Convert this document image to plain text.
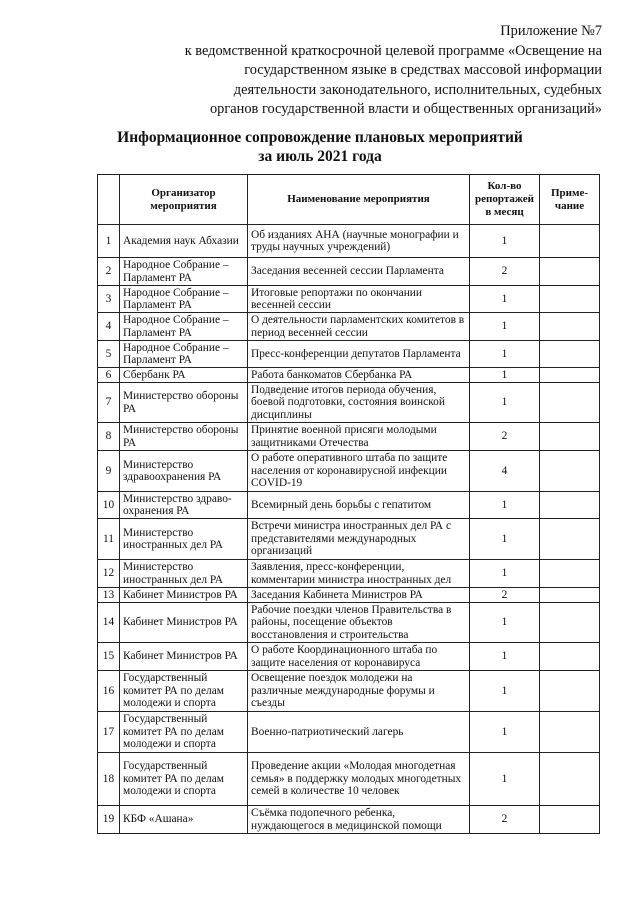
Приложение №7
к ведомственной краткосрочной целевой программе «Освещение на
государственном языке в средствах массовой информации
деятельности законодательного, исполнительных, судебных
органов государственной власти и общественных организаций»
Информационное сопровождение плановых мероприятий
за июль 2021 года
	Организатор мероприятия	Наименование мероприятия	Кол-во репортажей в месяц	Приме-чание
1	Академия наук Абхазии	Об изданиях АНА (научные монографии и труды научных учреждений)	1	
2	Народное Собрание – Парламент РА	Заседания весенней сессии Парламента	2	
3	Народное Собрание – Парламент РА	Итоговые репортажи по окончании весенней сессии	1	
4	Народное Собрание – Парламент РА	О деятельности парламентских комитетов в период весенней сессии	1	
5	Народное Собрание – Парламент РА	Пресс-конференции депутатов Парламента	1	
6	Сбербанк РА	Работа банкоматов Сбербанка РА	1	
7	Министерство обороны РА	Подведение итогов периода обучения, боевой подготовки, состояния воинской дисциплины	1	
8	Министерство обороны РА	Принятие военной присяги молодыми защитниками Отечества	2	
9	Министерство здравоохранения РА	О работе оперативного штаба по защите населения от коронавирусной инфекции COVID-19	4	
10	Министерство здраво-охранения РА	Всемирный день борьбы с гепатитом	1	
11	Министерство иностранных дел РА	Встречи министра иностранных дел РА с представителями международных организаций	1	
12	Министерство иностранных дел РА	Заявления, пресс-конференции, комментарии министра иностранных дел	1	
13	Кабинет Министров РА	Заседания Кабинета Министров РА	2	
14	Кабинет Министров РА	Рабочие поездки членов Правительства в районы, посещение объектов восстановления и строительства	1	
15	Кабинет Министров РА	О работе Координационного штаба по защите населения от коронавируса	1	
16	Государственный комитет РА по делам молодежи и спорта	Освещение поездок молодежи на различные международные форумы и съезды	1	
17	Государственный комитет РА по делам молодежи и спорта	Военно-патриотический лагерь	1	
18	Государственный комитет РА по делам молодежи и спорта	Проведение акции «Молодая многодетная семья» в поддержку молодых многодетных семей в количестве 10 человек	1	
19	КБФ «Ашана»	Съёмка подопечного ребенка, нуждающегося в медицинской помощи	2	
